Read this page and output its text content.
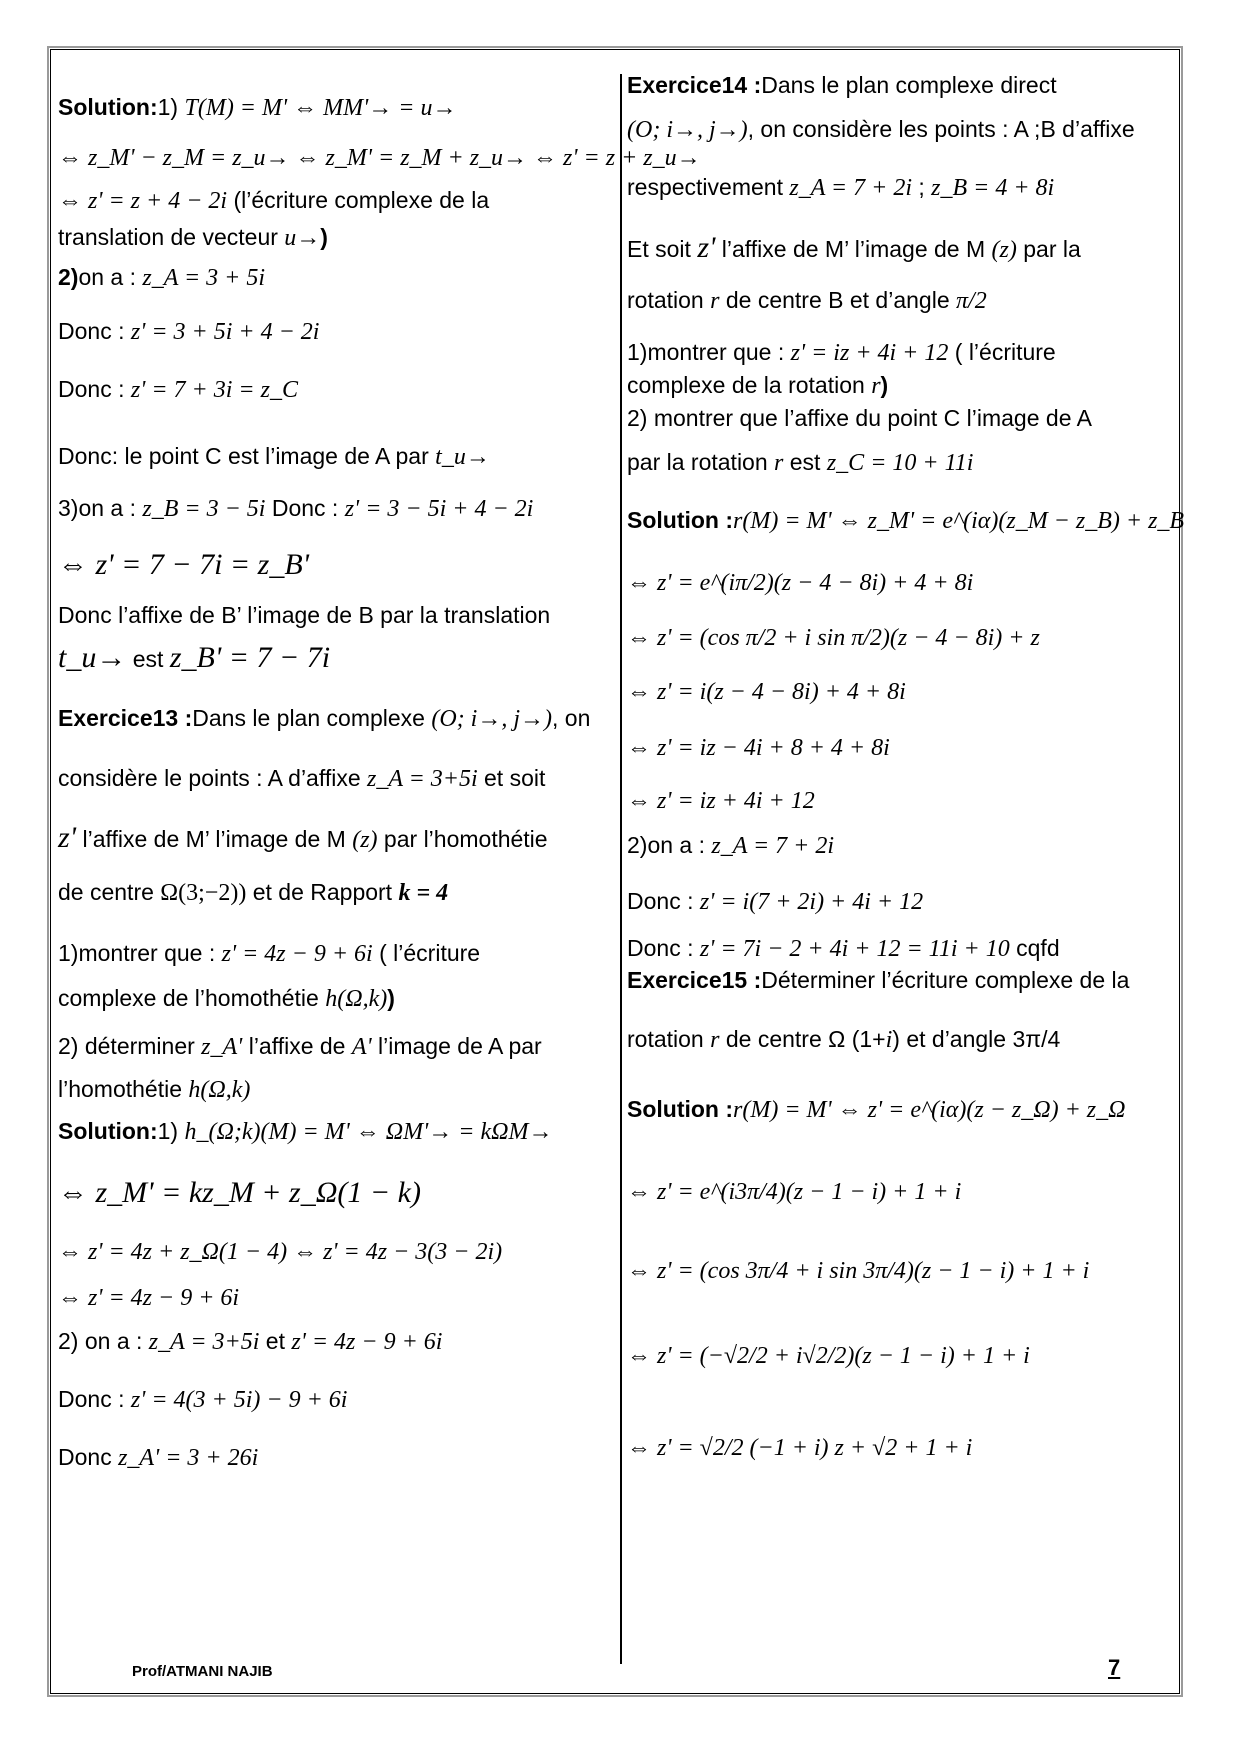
Solution:1) T(M) = M' ⇔ MM'→ = u→
⇔ z_M' − z_M = z_u→ ⇔ z_M' = z_M + z_u→ ⇔ z' = z + z_u→
⇔ z' = z + 4 − 2i (l’écriture complexe de la
translation de vecteur u→)
2)on a : z_A = 3 + 5i
Donc : z' = 3 + 5i + 4 − 2i
Donc : z' = 7 + 3i = z_C
Donc: le point C est l’image de A par t_u→
3)on a : z_B = 3 − 5i Donc : z' = 3 − 5i + 4 − 2i
⇔ z' = 7 − 7i = z_B'
Donc l’affixe de B’ l’image de B par la translation
t_u→ est z_B' = 7 − 7i
Exercice13 :Dans le plan complexe (O; i→, j→), on
considère le points : A d’affixe z_A = 3+5i et soit
z' l’affixe de M’ l’image de M (z) par l’homothétie
de centre Ω(3;−2)) et de Rapport k = 4
1)montrer que : z' = 4z − 9 + 6i ( l’écriture
complexe de l’homothétie h(Ω,k))
2) déterminer z_A' l’affixe de A' l’image de A par
l’homothétie h(Ω,k)
Solution:1) h_(Ω;k)(M) = M' ⇔ ΩM'→ = kΩM→
⇔ z_M' = kz_M + z_Ω(1 − k)
⇔ z' = 4z + z_Ω(1 − 4) ⇔ z' = 4z − 3(3 − 2i)
⇔ z' = 4z − 9 + 6i
2) on a : z_A = 3+5i et z' = 4z − 9 + 6i
Donc : z' = 4(3 + 5i) − 9 + 6i
Donc z_A' = 3 + 26i
Exercice14 :Dans le plan complexe direct
(O; i→, j→), on considère les points : A ;B d’affixe
respectivement z_A = 7 + 2i ; z_B = 4 + 8i
Et soit z' l’affixe de M’ l’image de M (z) par la
rotation r de centre B et d’angle π/2
1)montrer que : z' = iz + 4i + 12 ( l’écriture
complexe de la rotation r)
2) montrer que l’affixe du point C l’image de A
par la rotation r est z_C = 10 + 11i
Solution :r(M) = M' ⇔ z_M' = e^(iα)(z_M − z_B) + z_B
⇔ z' = e^(iπ/2)(z − 4 − 8i) + 4 + 8i
⇔ z' = (cos π/2 + i sin π/2)(z − 4 − 8i) + z
⇔ z' = i(z − 4 − 8i) + 4 + 8i
⇔ z' = iz − 4i + 8 + 4 + 8i
⇔ z' = iz + 4i + 12
2)on a : z_A = 7 + 2i
Donc : z' = i(7 + 2i) + 4i + 12
Donc : z' = 7i − 2 + 4i + 12 = 11i + 10 cqfd
Exercice15 :Déterminer l’écriture complexe de la
rotation r de centre Ω (1+i) et d’angle 3π/4
Solution :r(M) = M' ⇔ z' = e^(iα)(z − z_Ω) + z_Ω
⇔ z' = e^(i3π/4)(z − 1 − i) + 1 + i
⇔ z' = (cos 3π/4 + i sin 3π/4)(z − 1 − i) + 1 + i
⇔ z' = (−√2/2 + i√2/2)(z − 1 − i) + 1 + i
⇔ z' = √2/2 (−1 + i) z + √2 + 1 + i
Prof/ATMANI NAJIB	7
